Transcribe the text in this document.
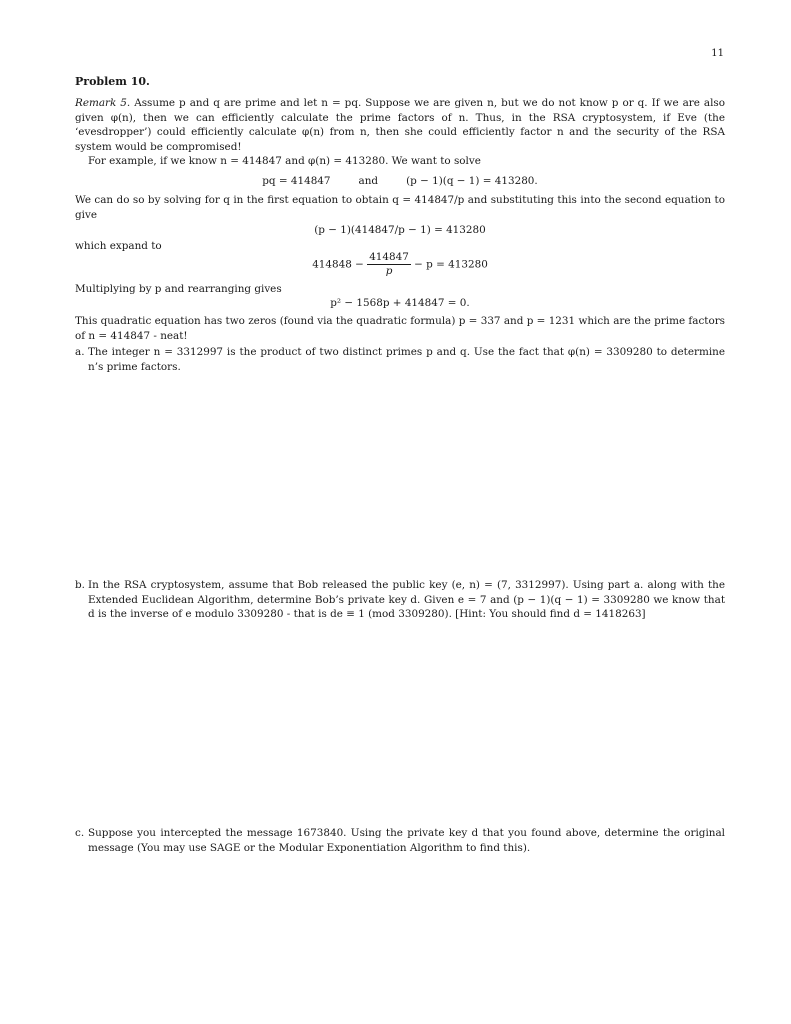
11
Problem 10.
Remark 5. Assume p and q are prime and let n = pq. Suppose we are given n, but we do not know p or q. If we are also given φ(n), then we can efficiently calculate the prime factors of n. Thus, in the RSA cryptosystem, if Eve (the ‘evesdropper’) could efficiently calculate φ(n) from n, then she could efficiently factor n and the security of the RSA system would be compromised!
For example, if we know n = 414847 and φ(n) = 413280. We want to solve
pq = 414847	and	(p − 1)(q − 1) = 413280.
We can do so by solving for q in the first equation to obtain q = 414847/p and substituting this into the second equation to give
(p − 1)(414847/p − 1) = 413280
which expand to
$414848 - \frac{414847}{p} - p = 413280$
Multiplying by p and rearranging gives
p² − 1568p + 414847 = 0.
This quadratic equation has two zeros (found via the quadratic formula) p = 337 and p = 1231 which are the prime factors of n = 414847 - neat!
a. The integer n = 3312997 is the product of two distinct primes p and q. Use the fact that φ(n) = 3309280 to determine n’s prime factors.
b. In the RSA cryptosystem, assume that Bob released the public key (e, n) = (7, 3312997). Using part a. along with the Extended Euclidean Algorithm, determine Bob’s private key d. Given e = 7 and (p − 1)(q − 1) = 3309280 we know that d is the inverse of e modulo 3309280 - that is de ≡ 1 (mod 3309280). [Hint: You should find d = 1418263]
c. Suppose you intercepted the message 1673840. Using the private key d that you found above, determine the original message (You may use SAGE or the Modular Exponentiation Algorithm to find this).
